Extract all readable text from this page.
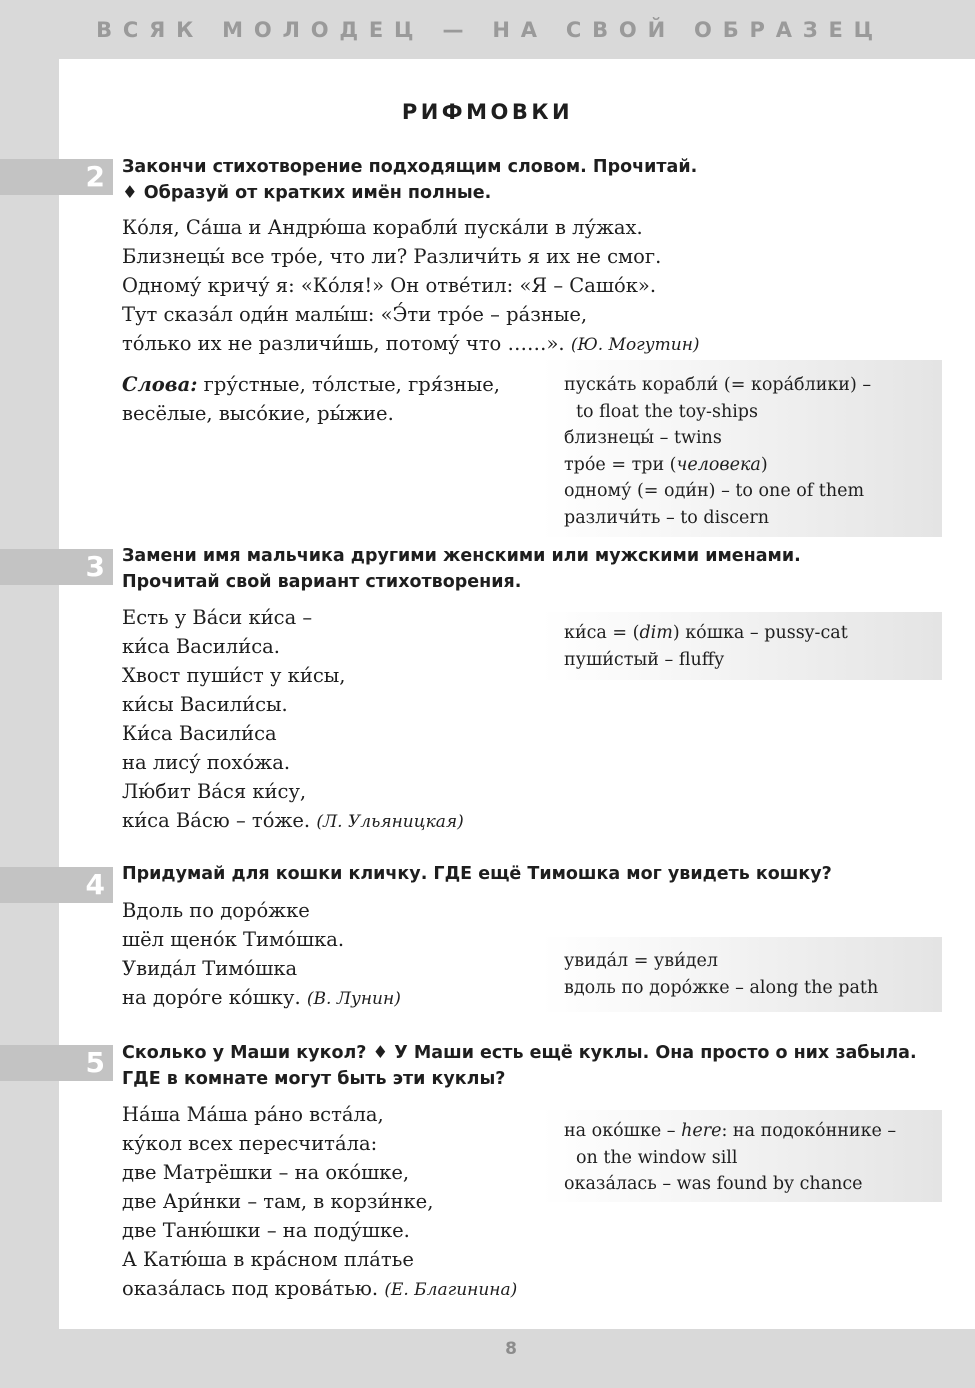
ВСЯК МОЛОДЕЦ — НА СВОЙ ОБРАЗЕЦ
РИФМОВКИ
2 Закончи стихотворение подходящим словом. Прочитай.
♦ Образуй от кратких имён полные.
Ко́ля, Са́ша и Андрю́ша корабли́ пуска́ли в лу́жах.
Близнецы́ все тро́е, что ли? Различи́ть я их не смог.
Одному́ кричу́ я: «Ко́ля!» Он отве́тил: «Я – Сашо́к».
Тут сказа́л оди́н малы́ш: «Э́ти тро́е – ра́зные,
то́лько их не различи́шь, потому́ что ……». (Ю. Могутин)
Слова: гру́стные, то́лстые, гря́зные, весёлые, высо́кие, ры́жие.
пуска́ть корабли́ (= кора́блики) –
to float the toy-ships
близнецы́ – twins
тро́е = три (человека)
одному́ (= оди́н) – to one of them
различи́ть – to discern
3 Замени имя мальчика другими женскими или мужскими именами.
Прочитай свой вариант стихотворения.
Есть у Ва́си ки́са –
ки́са Васили́са.
Хвост пуши́ст у ки́сы,
ки́сы Васили́сы.
Ки́са Васили́са
на лису́ похо́жа.
Лю́бит Ва́ся ки́су,
ки́са Ва́сю – то́же. (Л. Ульяницкая)
ки́са = (dim) ко́шка – pussy-cat
пуши́стый – fluffy
4 Придумай для кошки кличку. ГДЕ ещё Тимошка мог увидеть кошку?
Вдоль по доро́жке
шёл щено́к Тимо́шка.
Увида́л Тимо́шка
на доро́ге ко́шку. (В. Лунин)
увида́л = уви́дел
вдоль по доро́жке – along the path
5 Сколько у Маши кукол? ♦ У Маши есть ещё куклы. Она просто о них забыла.
ГДЕ в комнате могут быть эти куклы?
На́ша Ма́ша ра́но вста́ла,
ку́кол всех пересчита́ла:
две Матрёшки – на око́шке,
две Ари́нки – там, в корзи́нке,
две Таню́шки – на поду́шке.
А Катю́ша в кра́сном пла́тье
оказа́лась под крова́тью. (Е. Благинина)
на око́шке – here: на подоко́ннике –
on the window sill
оказа́лась – was found by chance
8
